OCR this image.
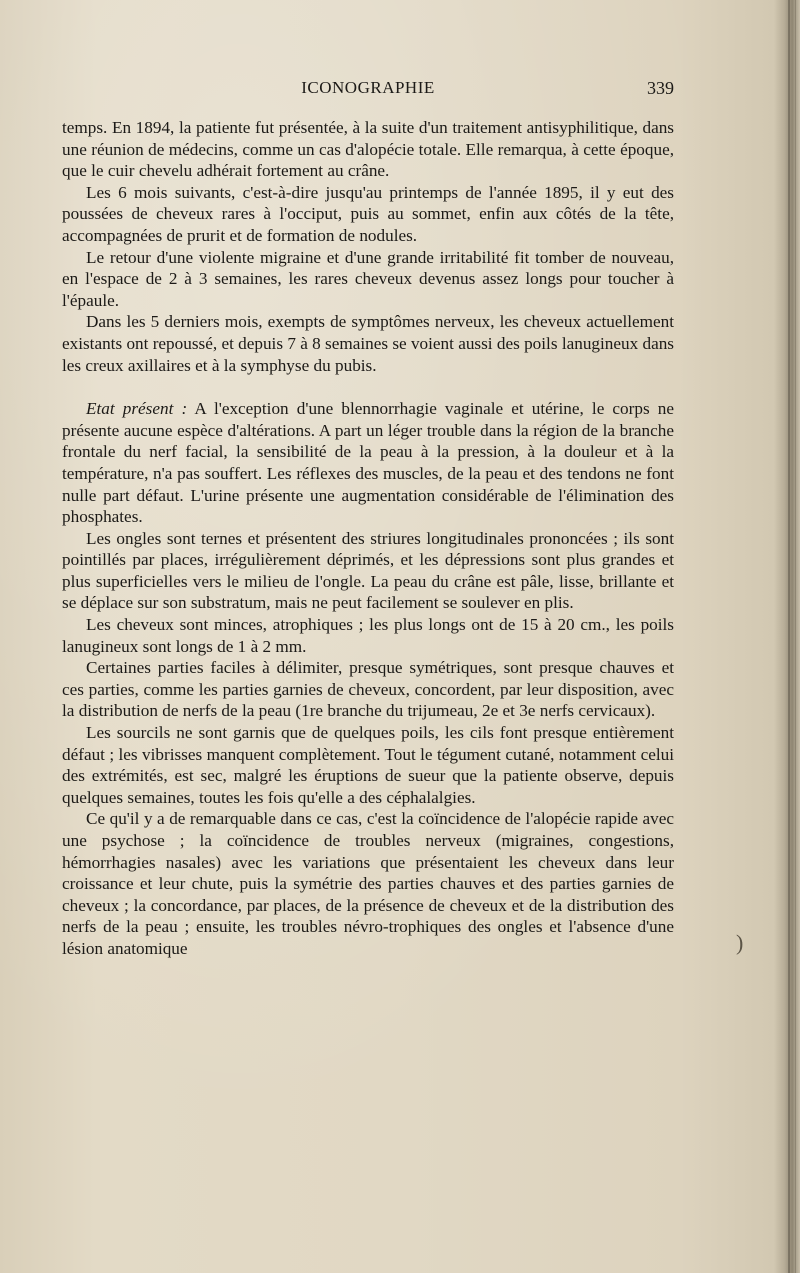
ICONOGRAPHIE	339

temps. En 1894, la patiente fut présentée, à la suite d'un traitement antisyphilitique, dans une réunion de médecins, comme un cas d'alopécie totale. Elle remarqua, à cette époque, que le cuir chevelu adhérait fortement au crâne.

Les 6 mois suivants, c'est-à-dire jusqu'au printemps de l'année 1895, il y eut des poussées de cheveux rares à l'occiput, puis au sommet, enfin aux côtés de la tête, accompagnées de prurit et de formation de nodules.

Le retour d'une violente migraine et d'une grande irritabilité fit tomber de nouveau, en l'espace de 2 à 3 semaines, les rares cheveux devenus assez longs pour toucher à l'épaule.

Dans les 5 derniers mois, exempts de symptômes nerveux, les cheveux actuellement existants ont repoussé, et depuis 7 à 8 semaines se voient aussi des poils lanugineux dans les creux axillaires et à la symphyse du pubis.

Etat présent : A l'exception d'une blennorrhagie vaginale et utérine, le corps ne présente aucune espèce d'altérations. A part un léger trouble dans la région de la branche frontale du nerf facial, la sensibilité de la peau à la pression, à la douleur et à la température, n'a pas souffert. Les réflexes des muscles, de la peau et des tendons ne font nulle part défaut. L'urine présente une augmentation considérable de l'élimination des phosphates.

Les ongles sont ternes et présentent des striures longitudinales prononcées ; ils sont pointillés par places, irrégulièrement déprimés, et les dépressions sont plus grandes et plus superficielles vers le milieu de l'ongle. La peau du crâne est pâle, lisse, brillante et se déplace sur son substratum, mais ne peut facilement se soulever en plis.

Les cheveux sont minces, atrophiques ; les plus longs ont de 15 à 20 cm., les poils lanugineux sont longs de 1 à 2 mm.

Certaines parties faciles à délimiter, presque symétriques, sont presque chauves et ces parties, comme les parties garnies de cheveux, concordent, par leur disposition, avec la distribution de nerfs de la peau (1re branche du trijumeau, 2e et 3e nerfs cervicaux).

Les sourcils ne sont garnis que de quelques poils, les cils font presque entièrement défaut ; les vibrisses manquent complètement. Tout le tégument cutané, notamment celui des extrémités, est sec, malgré les éruptions de sueur que la patiente observe, depuis quelques semaines, toutes les fois qu'elle a des céphalalgies.

Ce qu'il y a de remarquable dans ce cas, c'est la coïncidence de l'alopécie rapide avec une psychose ; la coïncidence de troubles nerveux (migraines, congestions, hémorrhagies nasales) avec les variations que présentaient les cheveux dans leur croissance et leur chute, puis la symétrie des parties chauves et des parties garnies de cheveux ; la concordance, par places, de la présence de cheveux et de la distribution des nerfs de la peau ; ensuite, les troubles névro-trophiques des ongles et l'absence d'une lésion anatomique	)
